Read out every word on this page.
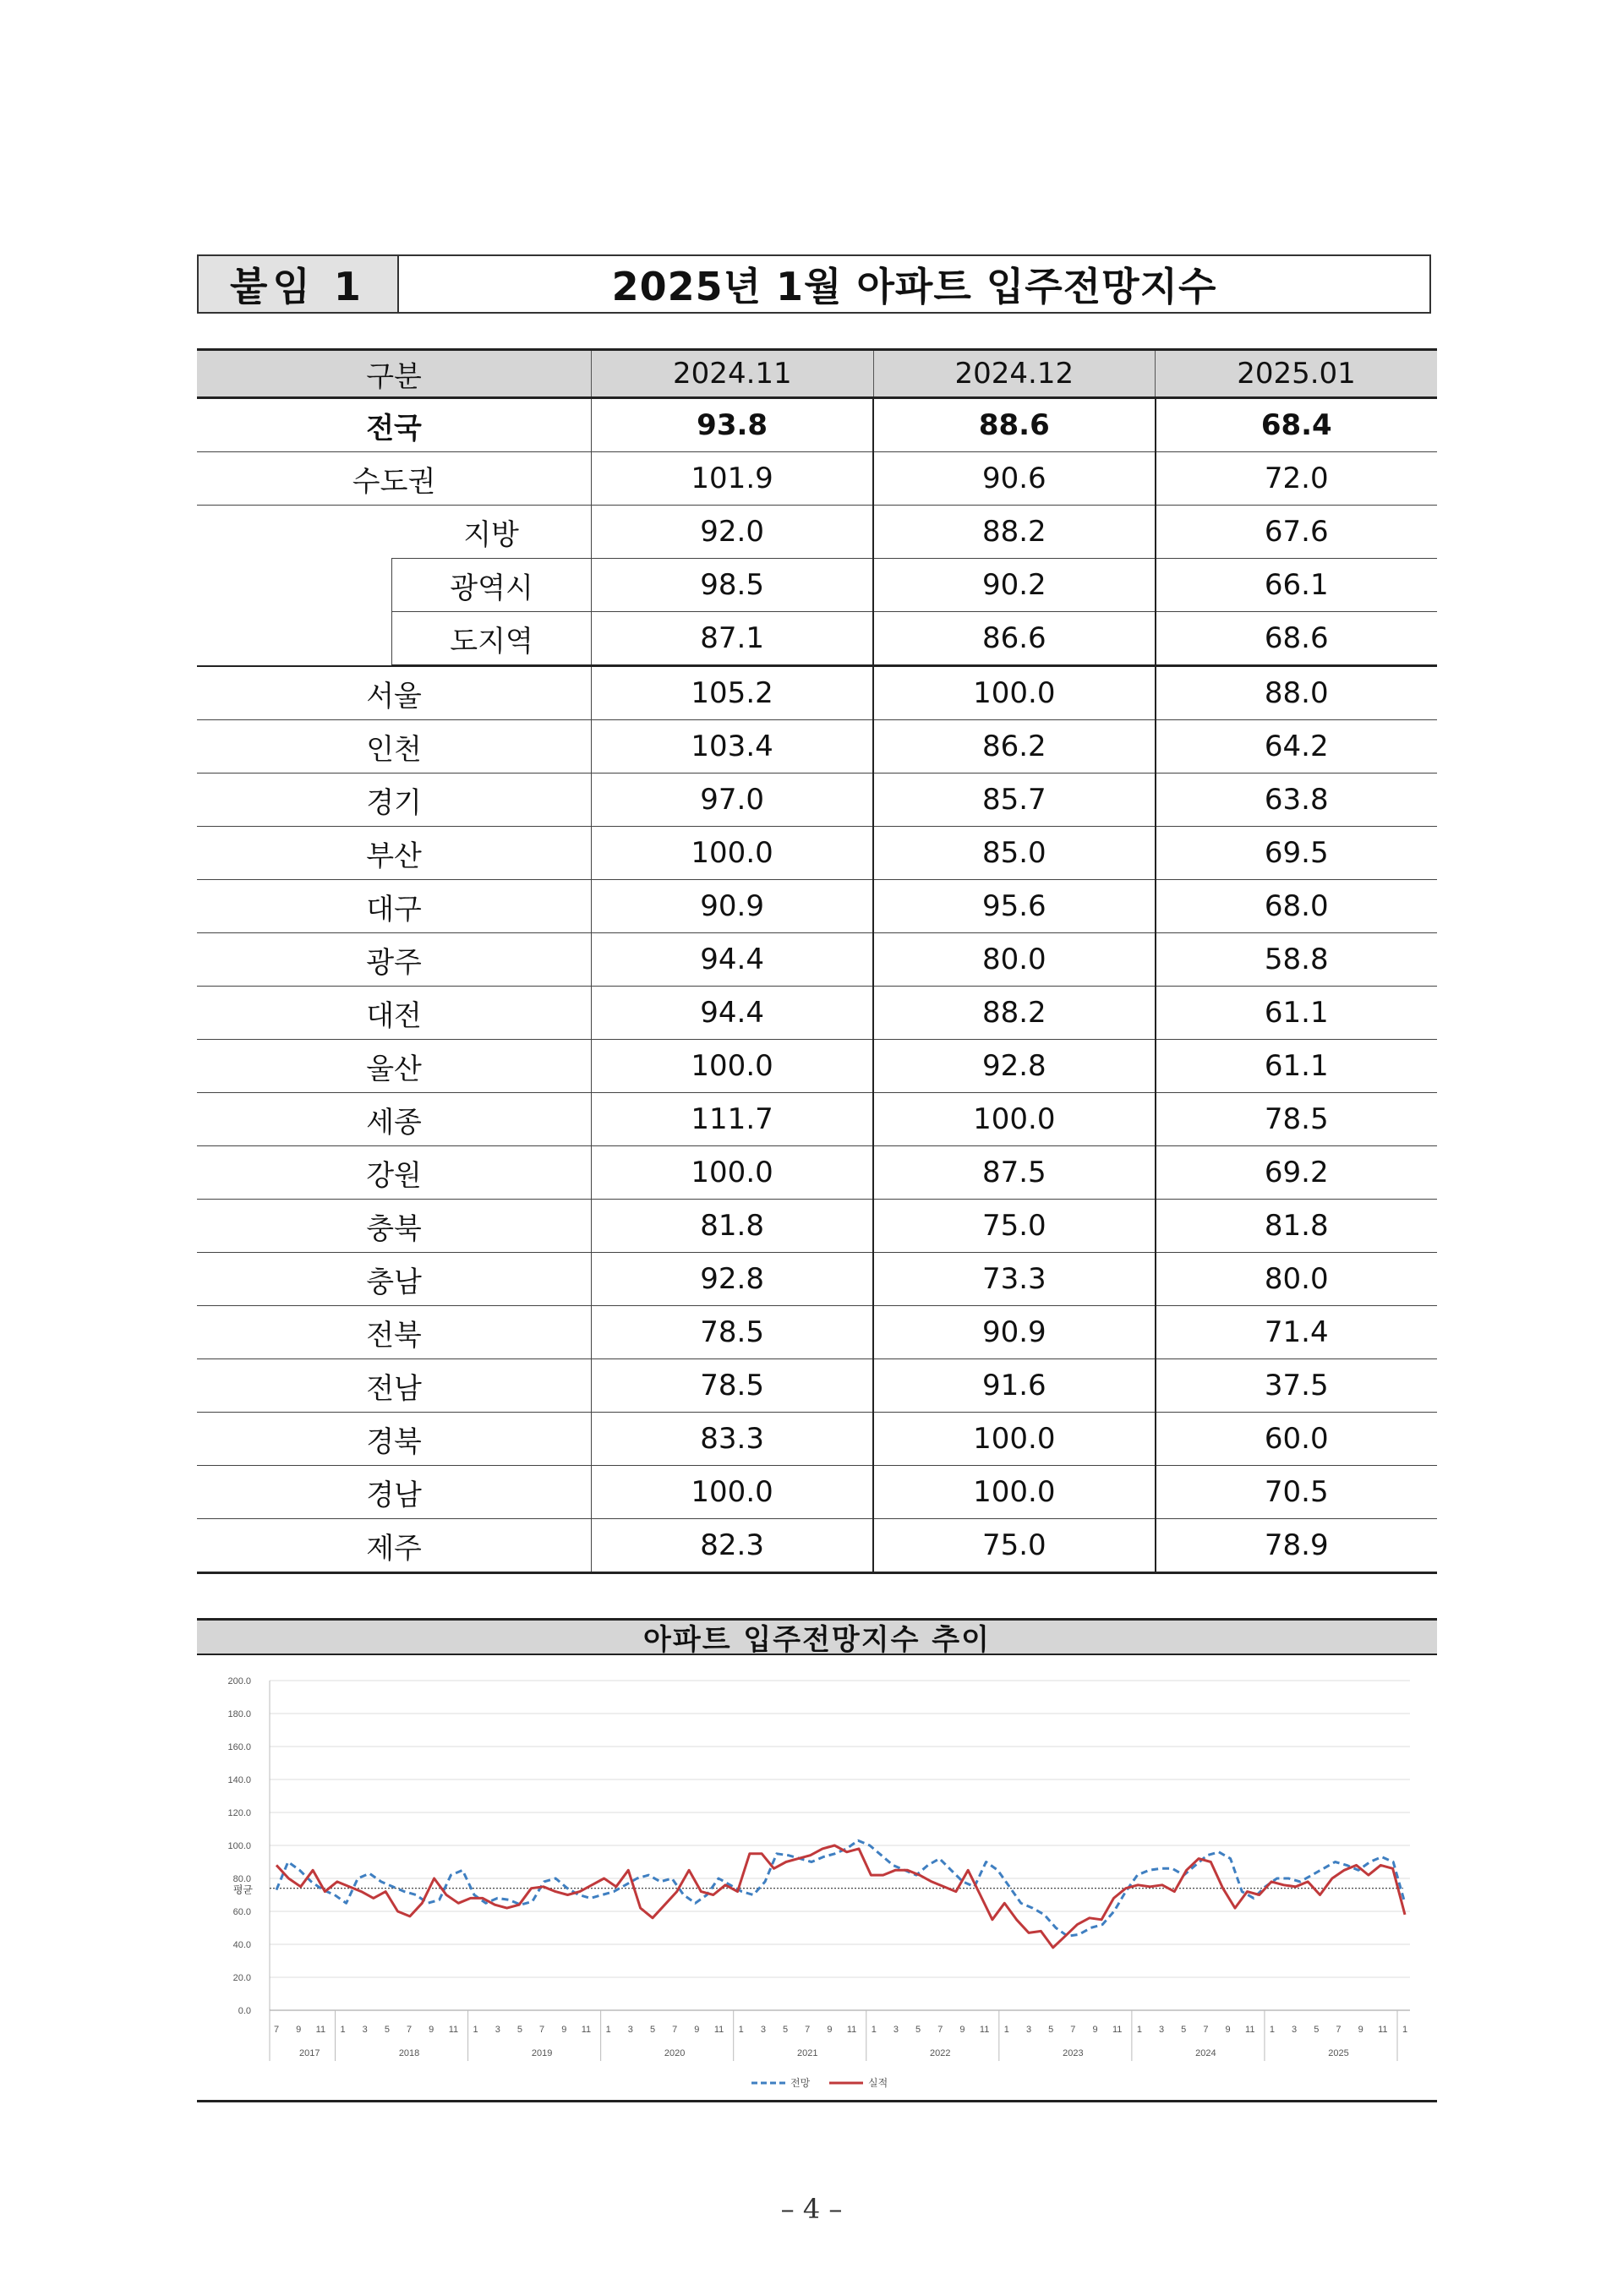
붙임 1	2025년 1월 아파트 입주전망지수
구분	2024.11	2024.12	2025.01
전국	93.8	88.6	68.4
수도권	101.9	90.6	72.0
지방	92.0	88.2	67.6

광역시	98.5	90.2	66.1

도지역	87.1	86.6	68.6
서울	105.2	100.0	88.0
인천	103.4	86.2	64.2
경기	97.0	85.7	63.8
부산	100.0	85.0	69.5
대구	90.9	95.6	68.0
광주	94.4	80.0	58.8
대전	94.4	88.2	61.1
울산	100.0	92.8	61.1
세종	111.7	100.0	78.5
강원	100.0	87.5	69.2
충북	81.8	75.0	81.8
충남	92.8	73.3	80.0
전북	78.5	90.9	71.4
전남	78.5	91.6	37.5
경북	83.3	100.0	60.0
경남	100.0	100.0	70.5
제주	82.3	75.0	78.9
아파트 입주전망지수 추이
0.0
20.0
40.0
60.0
80.0
100.0
120.0
140.0
160.0
180.0
200.0
평균
7 9 11 1 3 5 7 9 11 1 3 5 7 9 11 1 3 5 7 9 11 1 3 5 7 9 11 1 3 5 7 9 11 1 3 5 7 9 11 1 3 5 7 9 11 1 3 5 7 9 11 1
2017	2018	2019	2020	2021	2022	2023	2024	2025
전망	실적
– 4 –
